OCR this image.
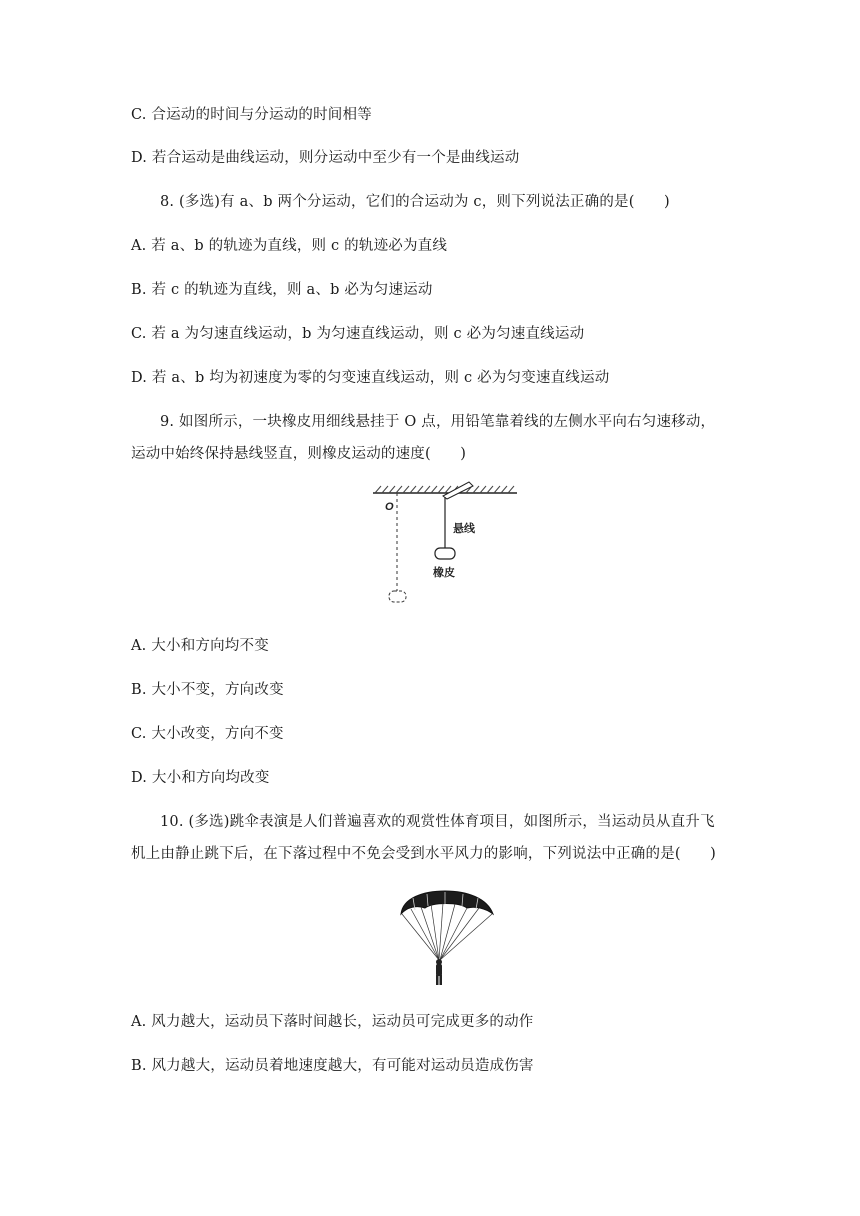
C. 合运动的时间与分运动的时间相等
D. 若合运动是曲线运动，则分运动中至少有一个是曲线运动
8. (多选)有 a、b 两个分运动，它们的合运动为 c，则下列说法正确的是(　　)
A. 若 a、b 的轨迹为直线，则 c 的轨迹必为直线
B. 若 c 的轨迹为直线，则 a、b 必为匀速运动
C. 若 a 为匀速直线运动，b 为匀速直线运动，则 c 必为匀速直线运动
D. 若 a、b 均为初速度为零的匀变速直线运动，则 c 必为匀变速直线运动
9. 如图所示，一块橡皮用细线悬挂于 O 点，用铅笔靠着线的左侧水平向右匀速移动，
运动中始终保持悬线竖直，则橡皮运动的速度(　　)
O
悬线
橡皮
A. 大小和方向均不变
B. 大小不变，方向改变
C. 大小改变，方向不变
D. 大小和方向均改变
10. (多选)跳伞表演是人们普遍喜欢的观赏性体育项目，如图所示，当运动员从直升飞
机上由静止跳下后，在下落过程中不免会受到水平风力的影响，下列说法中正确的是(　　)
A. 风力越大，运动员下落时间越长，运动员可完成更多的动作
B. 风力越大，运动员着地速度越大，有可能对运动员造成伤害
